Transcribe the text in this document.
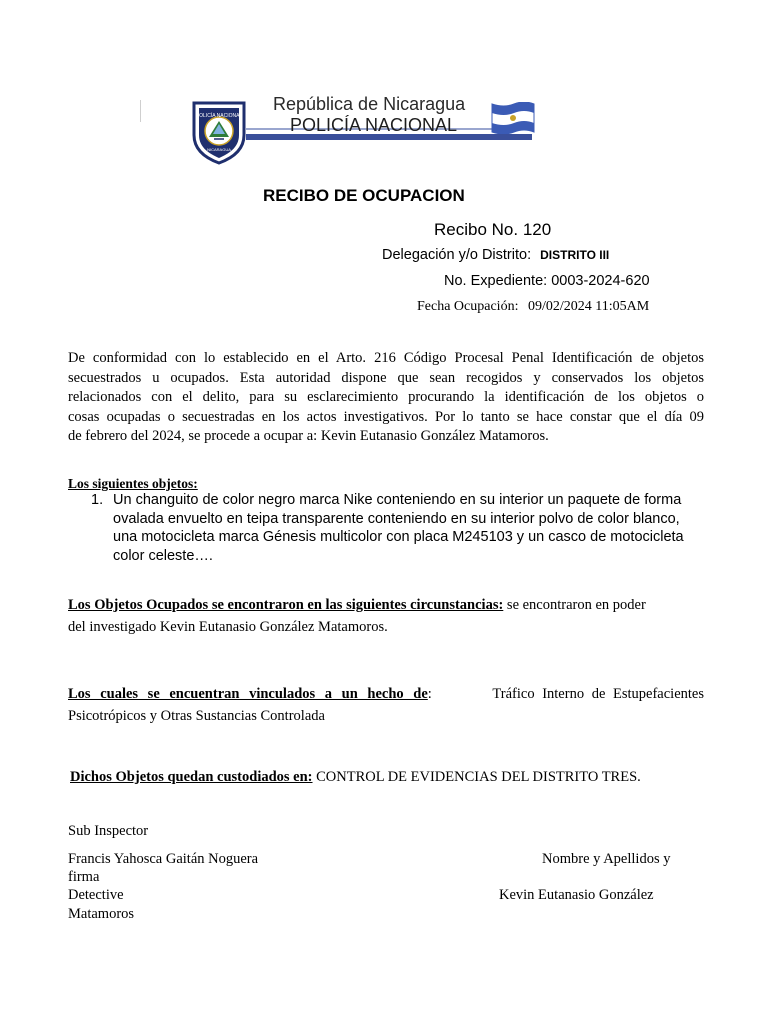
POLICÍA NACIONAL
NICARAGUA
República de Nicaragua
POLICÍA NACIONAL
RECIBO DE OCUPACION
Recibo No. 120
Delegación y/o Distrito: DISTRITO III
No. Expediente: 0003-2024-620
Fecha Ocupación: 09/02/2024 11:05AM
De conformidad con lo establecido en el Arto. 216 Código Procesal Penal Identificación de objetos
secuestrados u ocupados. Esta autoridad dispone que sean recogidos y conservados los objetos
relacionados con el delito, para su esclarecimiento procurando la identificación de los objetos o
cosas ocupadas o secuestradas en los actos investigativos. Por lo tanto se hace constar que el día 09
de febrero del 2024, se procede a ocupar a: Kevin Eutanasio González Matamoros.
Los siguientes objetos:
1. Un changuito de color negro marca Nike conteniendo en su interior un paquete de forma
ovalada envuelto en teipa transparente conteniendo en su interior polvo de color blanco,
una motocicleta marca Génesis multicolor con placa M245103 y un casco de motocicleta
color celeste….
Los Objetos Ocupados se encontraron en las siguientes circunstancias: se encontraron en poder
del investigado Kevin Eutanasio González Matamoros.
Los cuales se encuentran vinculados a un hecho de:	Tráfico Interno de Estupefacientes
Psicotrópicos y Otras Sustancias Controlada
Dichos Objetos quedan custodiados en: CONTROL DE EVIDENCIAS DEL DISTRITO TRES.
Sub Inspector
Francis Yahosca Gaitán Noguera	Nombre y Apellidos y
firma
Detective	Kevin Eutanasio González
Matamoros
